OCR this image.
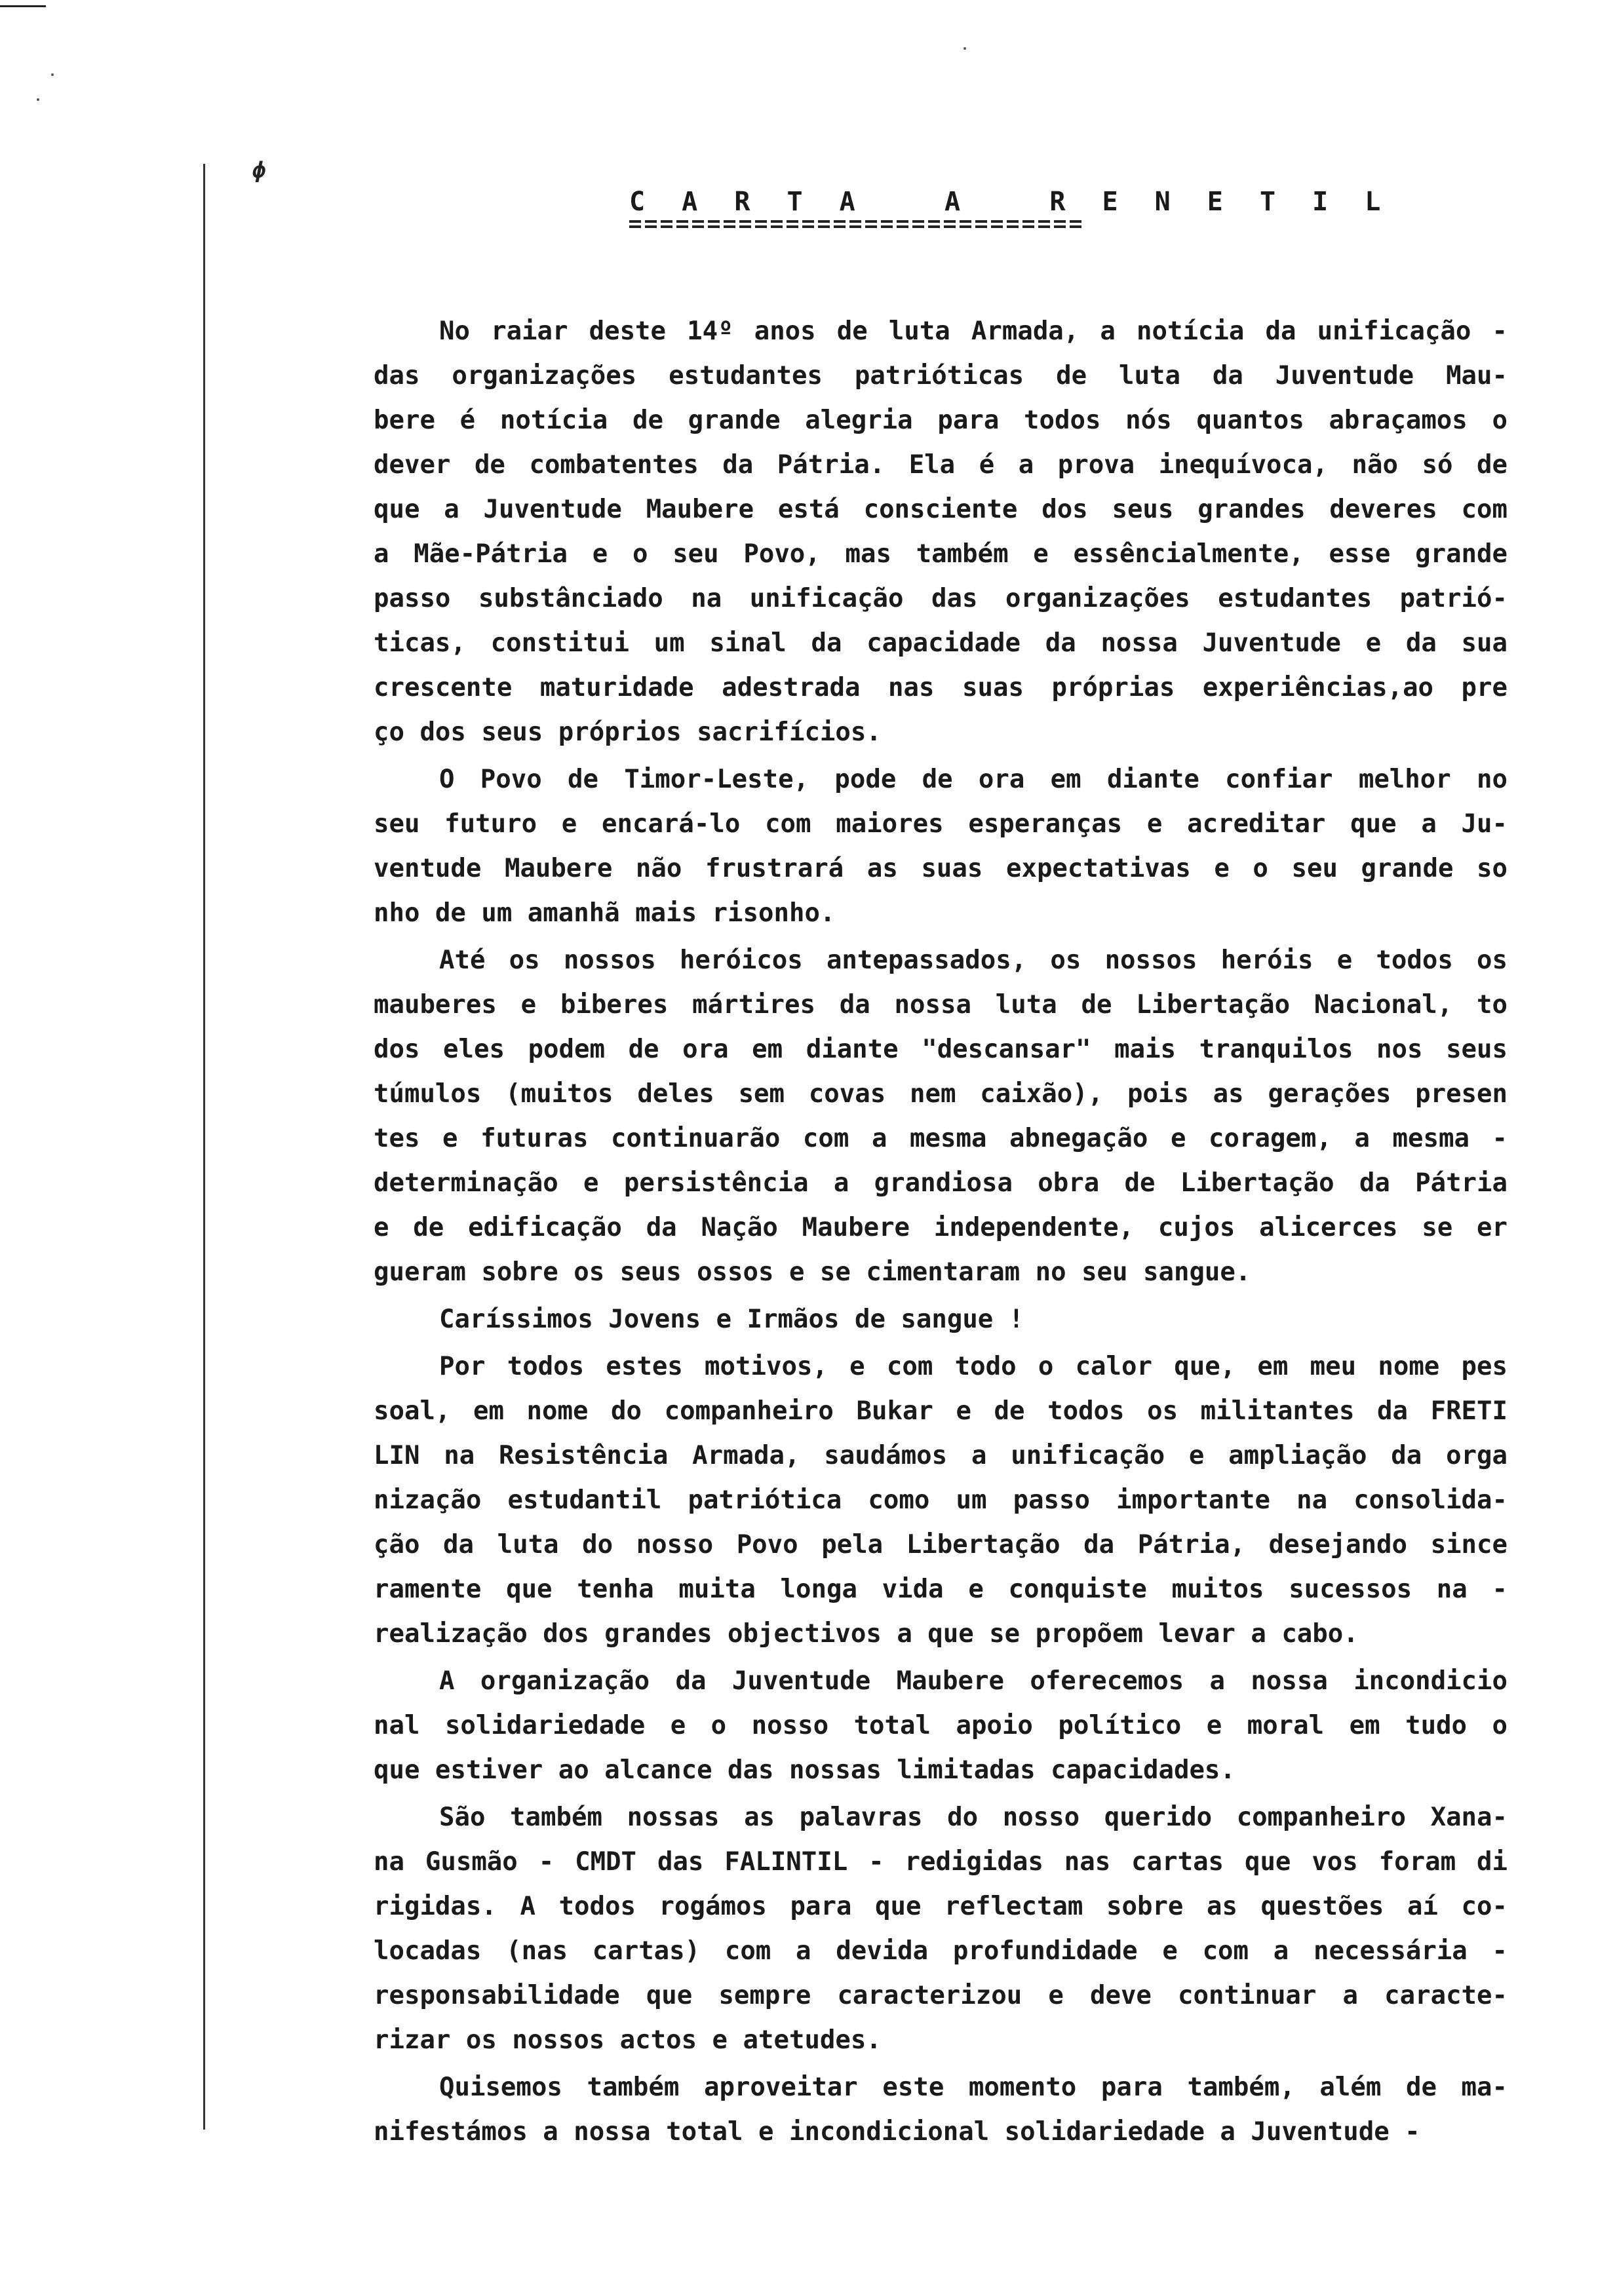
ϕ
C A R T A   A   R E N E T I L
No raiar deste 14º anos de luta Armada, a notícia da unificação -
das organizações estudantes patrióticas de luta da Juventude Mau-
bere é notícia de grande alegria para todos nós quantos abraçamos o
dever de combatentes da Pátria. Ela é a prova inequívoca, não só de
que a Juventude Maubere está consciente dos seus grandes deveres com
a Mãe-Pátria e o seu Povo, mas também e essêncialmente, esse grande
passo substânciado na unificação das organizações estudantes patrió-
ticas, constitui um sinal da capacidade da nossa Juventude e da sua
crescente maturidade adestrada nas suas próprias experiências,ao pre
ço dos seus próprios sacrifícios.
O Povo de Timor-Leste, pode de ora em diante confiar melhor no
seu futuro e encará-lo com maiores esperanças e acreditar que a Ju-
ventude Maubere não frustrará as suas expectativas e o seu grande so
nho de um amanhã mais risonho.
Até os nossos heróicos antepassados, os nossos heróis e todos os
mauberes e biberes mártires da nossa luta de Libertação Nacional, to
dos eles podem de ora em diante "descansar" mais tranquilos nos seus
túmulos (muitos deles sem covas nem caixão), pois as gerações presen
tes e futuras continuarão com a mesma abnegação e coragem, a mesma -
determinação e persistência a grandiosa obra de Libertação da Pátria
e de edificação da Nação Maubere independente, cujos alicerces se er
gueram sobre os seus ossos e se cimentaram no seu sangue.
Caríssimos Jovens e Irmãos de sangue !
Por todos estes motivos, e com todo o calor que, em meu nome pes
soal, em nome do companheiro Bukar e de todos os militantes da FRETI
LIN na Resistência Armada, saudámos a unificação e ampliação da orga
nização estudantil patriótica como um passo importante na consolida-
ção da luta do nosso Povo pela Libertação da Pátria, desejando since
ramente que tenha muita longa vida e conquiste muitos sucessos na -
realização dos grandes objectivos a que se propõem levar a cabo.
A organização da Juventude Maubere oferecemos a nossa incondicio
nal solidariedade e o nosso total apoio político e moral em tudo o
que estiver ao alcance das nossas limitadas capacidades.
São também nossas as palavras do nosso querido companheiro Xana-
na Gusmão - CMDT das FALINTIL - redigidas nas cartas que vos foram di
rigidas. A todos rogámos para que reflectam sobre as questões aí co-
locadas (nas cartas) com a devida profundidade e com a necessária -
responsabilidade que sempre caracterizou e deve continuar a caracte-
rizar os nossos actos e atetudes.
Quisemos também aproveitar este momento para também, além de ma-
nifestámos a nossa total e incondicional solidariedade a Juventude -
